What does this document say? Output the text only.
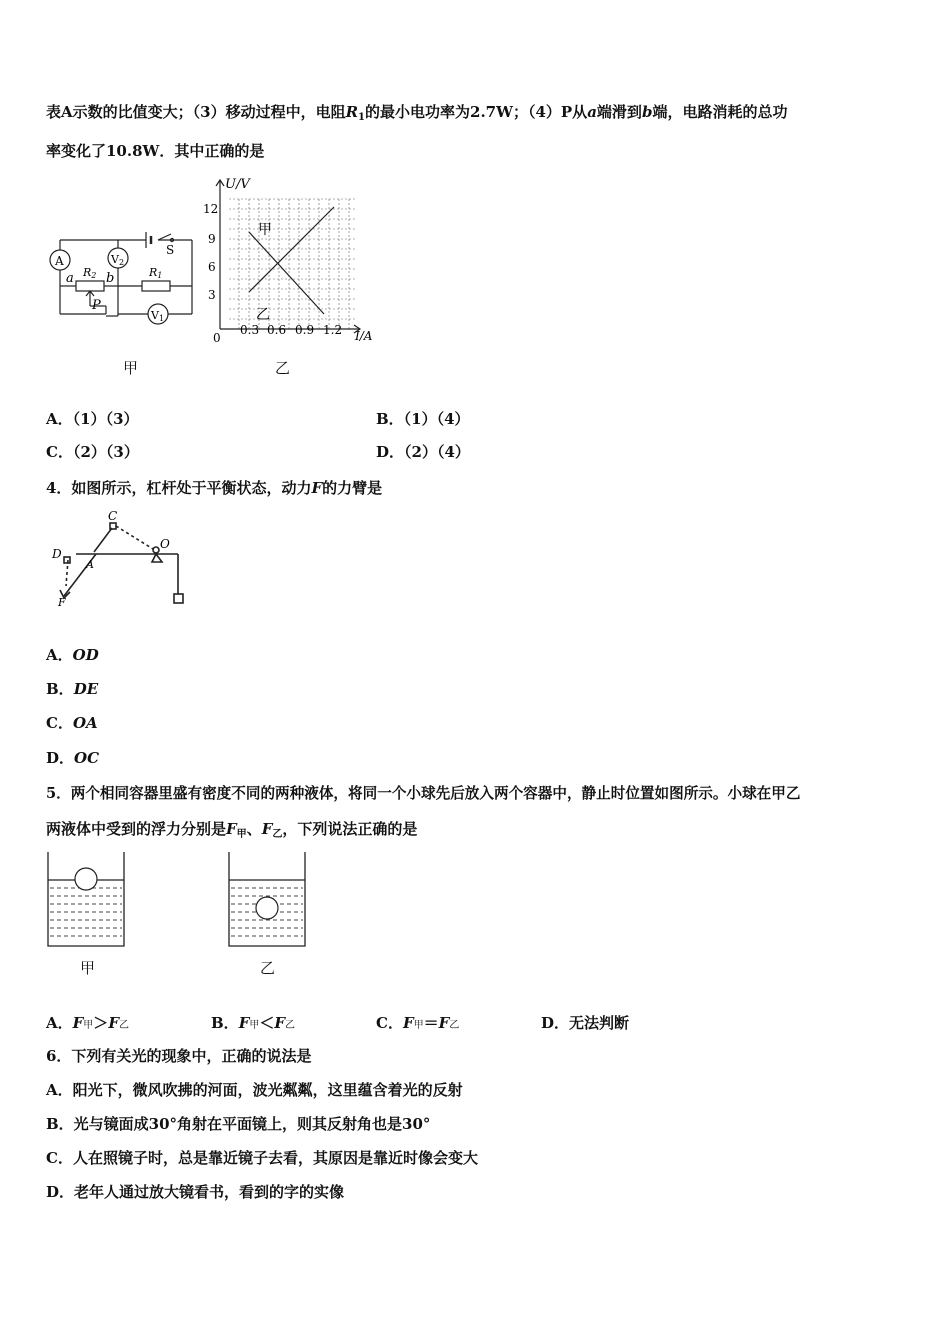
表A示数的比值变大；（3）移动过程中，电阻$R_1$的最小电功率为2.7W；（4）P从a端滑到b端，电路消耗的总功
率变化了10.8W．其中正确的是
A	V2
V1
R2	R1
a b
P
S
甲
U/V
I/A
0
12
9
6
3
0.3 0.6 0.9 1.2
甲
乙
乙
A．（1）（3）	B．（1）（4）
C．（2）（3）	D．（2）（4）
4．如图所示，杠杆处于平衡状态，动力F的力臂是
C
D
A
O
F
A．OD
B．DE
C．OA
D．OC
5．两个相同容器里盛有密度不同的两种液体，将同一个小球先后放入两个容器中，静止时位置如图所示。小球在甲乙
两液体中受到的浮力分别是$F_甲$、$F_乙$，下列说法正确的是
甲	乙
A．F甲＞F乙	B．F甲＜F乙	C．F甲＝F乙	D．无法判断
6．下列有关光的现象中，正确的说法是
A．阳光下，微风吹拂的河面，波光粼粼，这里蕴含着光的反射
B．光与镜面成30°角射在平面镜上，则其反射角也是30°
C．人在照镜子时，总是靠近镜子去看，其原因是靠近时像会变大
D．老年人通过放大镜看书，看到的字的实像
